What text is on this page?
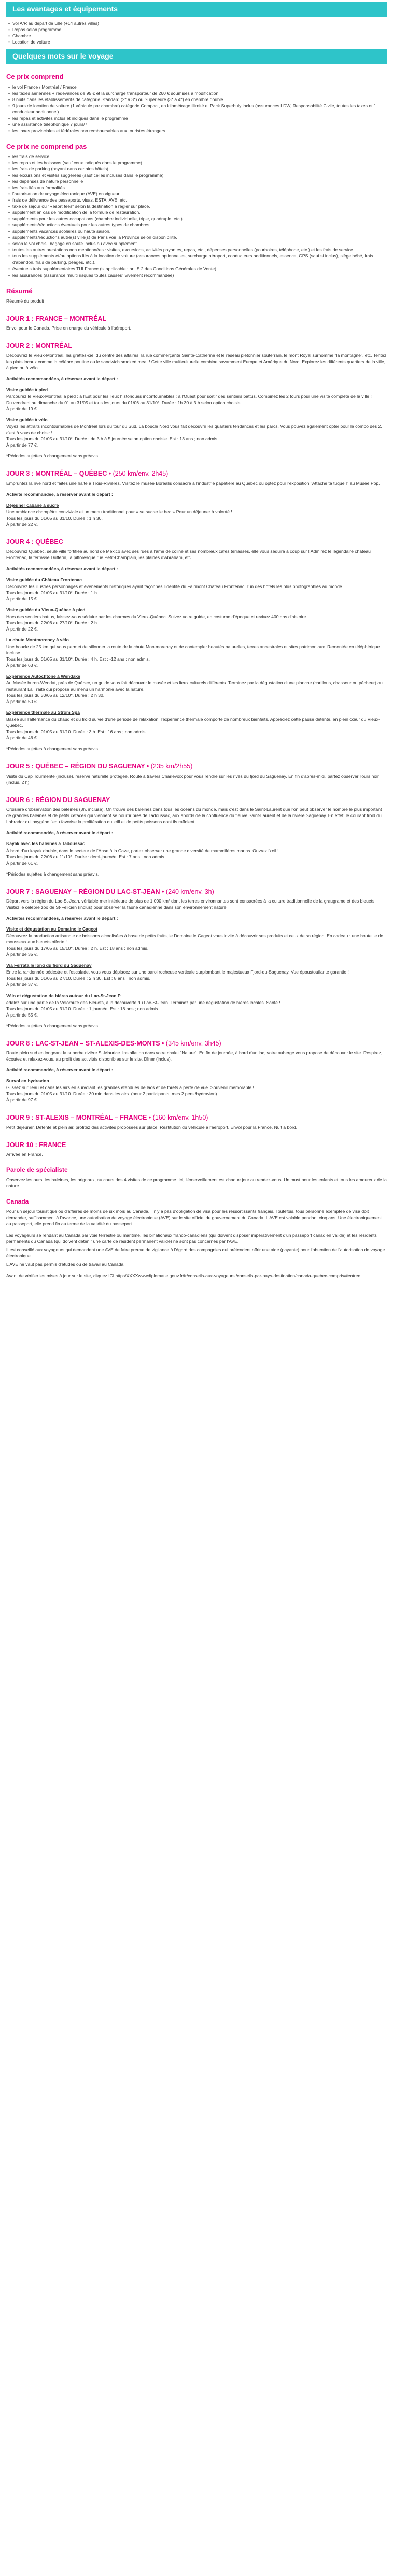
Les avantages et équipements
• Vol A/R au départ de Lille (+14 autres villes)
• Repas selon programme
• Chambre
• Location de voiture
Quelques mots sur le voyage
Ce prix comprend
• le vol France / Montréal / France
• les taxes aériennes + redevances de 95 € et la surcharge transporteur de 260 € soumises à modification
• 8 nuits dans les établissements de catégorie Standard (2* à 3*) ou Supérieure (3* à 4*) en chambre double
• 9 jours de location de voiture (1 véhicule par chambre) catégorie Compact, en kilométrage illimité et Pack Superbuly inclus (assurances LDW, Responsabilité Civile, toutes les taxes et 1 conducteur additionnel)
• les repas et activités inclus et indiqués dans le programme
• une assistance téléphonique 7 jours/7
• les taxes provinciales et fédérales non remboursables aux touristes étrangers
Ce prix ne comprend pas
• les frais de service
• les repas et les boissons (sauf ceux indiqués dans le programme)
• les frais de parking (payant dans certains hôtels)
• les excursions et visites suggérées (sauf celles incluses dans le programme)
• les dépenses de nature personnelle
• les frais liés aux formalités
• l'autorisation de voyage électronique (AVE) en vigueur
• frais de délivrance des passeports, visas, ESTA, AVE, etc.
• taxe de séjour ou "Resort fees" selon la destination à régler sur place.
• supplément en cas de modification de la formule de restauration.
• suppléments pour les autres occupations (chambre individuelle, triple, quadruple, etc.).
• suppléments/réductions éventuels pour les autres types de chambres.
• suppléments vacances scolaires ou haute saison.
• suppléments/réductions autre(s) ville(s) de Paris voir la Province selon disponibilité.
• selon le vol choisi, bagage en soute inclus ou avec supplément.
• toutes les autres prestations non mentionnées : visites, excursions, activités payantes, repas, etc., dépenses personnelles (pourboires, téléphone, etc.) et les frais de service.
• tous les suppléments et/ou options liés à la location de voiture (assurances optionnelles, surcharge aéroport, conducteurs additionnels, essence, GPS (sauf si inclus), siège bébé, frais d'abandon, frais de parking, péages, etc.).
• éventuels trais supplémentaires TUI France (si applicable : art. 5.2 des Conditions Générales de Vente).
• les assurances (assurance "multi risques toutes causes" vivement recommandée)
Résumé
Résumé du produit
JOUR 1 : FRANCE – MONTRÉAL
Envol pour le Canada. Prise en charge du véhicule à l'aéroport.
JOUR 2 : MONTRÉAL
Découvrez le Vieux-Montréal, les grattes-ciel du centre des affaires, la rue commerçante Sainte-Catherine et le réseau piétonnier souterrain, le mont Royal surnommé "la montagne", etc. Tentez les plats locaux comme la célèbre poutine ou le sandwich smoked meat ! Cette ville multiculturelle combine savamment Europe et Amérique du Nord. Explorez les différents quartiers de la ville, à pied ou à vélo.
Activités recommandées, à réserver avant le départ :
Visite guidée à pied
Parcourez le Vieux-Montréal à pied : à l'Est pour les lieux historiques incontournables ; à l'Ouest pour sortir des sentiers battus. Combinez les 2 tours pour une visite complète de la ville !
Du vendredi au dimanche du 01 au 31/05 et tous les jours du 01/06 au 31/10*. Durée : 1h 30 à 3 h selon option choisie.
À partir de 19 €.
Visite guidée à vélo
Voyez les attraits incontournables de Montréal lors du tour du Sud. La boucle Nord vous fait découvrir les quartiers tendances et les parcs. Vous pouvez également opter pour le combo des 2, c'est à vous de choisir !
Tous les jours du 01/05 au 31/10*. Durée : de 3 h à 5 journée selon option choisie. Est : 13 ans ; non admis.
À partir de 77 €.
*Périodes sujettes à changement sans préavis.
JOUR 3 : MONTRÉAL – QUÉBEC • (250 km/env. 2h45)
Empruntez la rive nord et faites une halte à Trois-Rivières. Visitez le musée Boréalis consacré à l'industrie papetière au Québec ou optez pour l'exposition "Attache ta tuque !" au Musée Pop.
Activité recommandée, à réserver avant le départ :
Déjeuner cabane à sucre
Une ambiance champêtre conviviale et un menu traditionnel pour « se sucrer le bec » Pour un déjeuner à volonté !
Tous les jours du 01/05 au 31/10. Durée : 1 h 30.
À partir de 22 €.
JOUR 4 : QUÉBEC
Découvrez Québec, seule ville fortifiée au nord de Mexico avec ses rues à l'âme de coline et ses nombreux cafés terrasses, elle vous séduira à coup sûr ! Admirez le légendaire château Frontenac, la terrasse Dufferin, la pittoresque rue Petit-Champlain, les plaines d'Abraham, etc...
Activités recommandées, à réserver avant le départ :
Visite guidée du Château Frontenac
Découvrez les illustres personnages et événements historiques ayant façonnés l'identité du Fairmont Château Frontenac, l'un des hôtels les plus photographiés au monde.
Tous les jours du 01/05 au 31/10*. Durée : 1 h.
À partir de 15 €.
Visite guidée du Vieux-Québec à pied
Hors des sentiers battus, laissez-vous séduire par les charmes du Vieux-Québec. Suivez votre guide, en costume d'époque et revivez 400 ans d'histoire.
Tous les jours du 22/06 au 27/10*. Durée : 2 h.
À partir de 22 €.
La chute Montmorency à vélo
Une boucle de 25 km qui vous permet de sillonner la route de la chute Montmorency et de contempler beautés naturelles, terres ancestrales et sites patrimoniaux. Remontée en téléphérique incluse.
Tous les jours du 01/05 au 31/10*. Durée : 4 h. Est : -12 ans ; non admis.
À partir de 63 €.
Expérience Autochtone à Wendake
Au Musée huron-Wendat, près de Québec, un guide vous fait découvrir le musée et les lieux culturels différents. Terminez par la dégustation d'une planche (carillous, chasseur ou pêcheur) au restaurant La Traite qui propose au menu un harmonie avec la nature.
Tous les jours du 30/05 au 12/10*. Durée : 2 h 30.
À partir de 50 €.
Expérience thermale au Strom Spa
Basée sur l'alternance du chaud et du froid suivie d'une période de relaxation, l'expérience thermale comporte de nombreux bienfaits. Appréciez cette pause détente, en plein cœur du Vieux-Québec.
Tous les jours du 01/05 au 31/10. Durée : 3 h. Est : 16 ans ; non admis.
À partir de 46 €.
*Périodes sujettes à changement sans préavis.
JOUR 5 : QUÉBEC – RÉGION DU SAGUENAY • (235 km/2h55)
Visite du Cap Tourmente (incluse), réserve naturelle protégée. Route à travers Charlevoix pour vous rendre sur les rives du fjord du Saguenay. En fin d'après-midi, partez observer l'ours noir (inclus, 2 h).
JOUR 6 : RÉGION DU SAGUENAY
Croisière d'observation des baleines (3h, incluse). On trouve des baleines dans tous les océans du monde, mais c'est dans le Saint-Laurent que l'on peut observer le nombre le plus important de grandes baleines et de petits cétacés qui viennent se nourrir près de Tadoussac, aux abords de la confluence du fleuve Saint-Laurent et de la rivière Saguenay. En effet, le courant froid du Labrador qui oxygène l'eau favorise la prolifération du krill et de petits poissons dont ils raffolent.
Activité recommandée, à réserver avant le départ :
Kayak avec les baleines à Tadoussac
À bord d'un kayak double, dans le secteur de l'Anse à la Cave, partez observer une grande diversité de mammifères marins. Ouvrez l'œil !
Tous les jours du 22/06 au 11/10*. Durée : demi-journée. Est : 7 ans ; non admis.
À partir de 61 €.
*Périodes sujettes à changement sans préavis.
JOUR 7 : SAGUENAY – RÉGION DU LAC-ST-JEAN • (240 km/env. 3h)
Départ vers la région du Lac-St-Jean, véritable mer intérieure de plus de 1 000 km² dont les terres environnantes sont consacrées à la culture traditionnelle de la graugrame et des bleuets. Visitez le célèbre zoo de St-Félicien (inclus) pour observer la faune canadienne dans son environnement naturel.
Activités recommandées, à réserver avant le départ :
Visite et dégustation au Domaine le Cageot
Découvrez la production artisanale de boissons alcoolisées à base de petits fruits, le Domaine le Cageot vous invite à découvrir ses produits et ceux de sa région. En cadeau : une bouteille de mousseux aux bleuets offerte !
Tous les jours du 17/05 au 15/10*. Durée : 2 h. Est : 18 ans ; non admis.
À partir de 35 €.
Via Ferrata le long du fjord du Saguenay
Entre la randonnée pédestre et l'escalade, vous vous déplacez sur une paroi rocheuse verticale surplombant le majestueux Fjord-du-Saguenay. Vue époustouflante garantie !
Tous les jours du 01/05 au 27/10. Durée : 2 h 30. Est : 8 ans ; non admis.
À partir de 37 €.
Vélo et dégustation de bières autour du Lac-St-Jean P
édalez sur une partie de la Véloroute des Bleuets, à la découverte du Lac-St-Jean. Terminez par une dégustation de bières locales. Santé !
Tous les jours du 01/05 au 31/10. Durée : 1 journée. Est : 18 ans ; non admis.
À partir de 55 €.
*Périodes sujettes à changement sans préavis.
JOUR 8 : LAC-ST-JEAN – ST-ALEXIS-DES-MONTS • (345 km/env. 3h45)
Route plein sud en longeant la superbe rivière St-Maurice. Installation dans votre chalet "Nature". En fin de journée, à bord d'un lac, votre auberge vous propose de découvrir le site. Respirez, écoutez et relaxez-vous, au profit des activités disponibles sur le site. Dîner (inclus).
Activité recommandée, à réserver avant le départ :
Survol en hydravion
Glissez sur l'eau et dans les airs en survolant les grandes étendues de lacs et de forêts à perte de vue. Souvenir mémorable !
Tous les jours du 01/05 au 31/10. Durée : 30 min dans les airs. (pour 2 participants, mes 2 pers./hydravion).
À partir de 97 €.
JOUR 9 : ST-ALEXIS – MONTRÉAL – FRANCE • (160 km/env. 1h50)
Petit déjeuner. Détente et plein air, profitez des activités proposées sur place. Restitution du véhicule à l'aéroport. Envol pour la France. Nuit à bord.
JOUR 10 : FRANCE
Arrivée en France.
Parole de spécialiste
Observez les ours, les baleines, les orignaux, au cours des 4 visites de ce programme. Ici, l'émerveillement est chaque jour au rendez-vous. Un must pour les enfants et tous les amoureux de la nature.
Canada
Pour un séjour touristique ou d'affaires de moins de six mois au Canada, il n'y a pas d'obligation de visa pour les ressortissants français. Toutefois, tous personne exemptée de visa doit demander, suffisamment à l'avance, une autorisation de voyage électronique (AVE) sur le site officiel du gouvernement du Canada. L'AVE est valable pendant cinq ans. Une électroniquement au passeport, elle prend fin au terme de la validité du passeport.
Les voyageurs se rendant au Canada par voie terrestre ou maritime, les binationaux franco-canadiens (qui doivent disposer impérativement d'un passeport canadien valide) et les résidents permanents du Canada (qui doivent détenir une carte de résident permanent valide) ne sont pas concernés par l'AVE.
Il est conseillé aux voyageurs qui demandent une AVE de faire preuve de vigilance à l'égard des compagnies qui prétendent offrir une aide (payante) pour l'obtention de l'autorisation de voyage électronique.
L'AVE ne vaut pas permis d'études ou de travail au Canada.
Avant de vérifier les mises à jour sur le site, cliquez ICI https/XXXXwwwdiplomatie.gouv.fr/fr/conseils-aux-voyageurs /conseils-par-pays-destination/canada-quebec-compris/#entree
